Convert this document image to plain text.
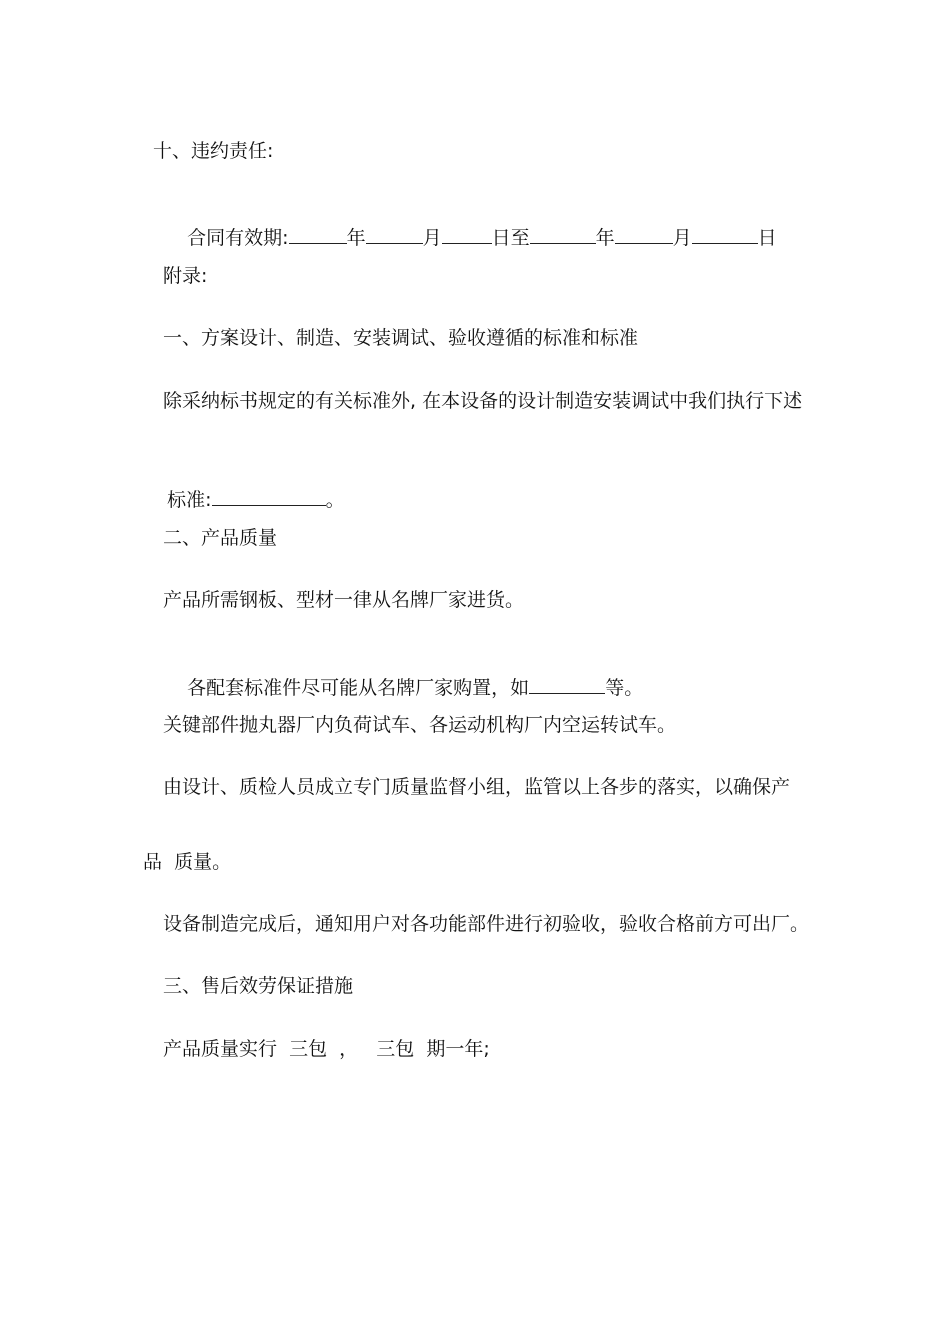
十、违约责任:

合同有效期:	年	月	日至	年	月	日

附录:
一、方案设计、制造、安装调试、验收遵循的标准和标准
除采纳标书规定的有关标准外, 在本设备的设计制造安装调试中我们执行下述

标准:	。

二、产品质量
产品所需钢板、型材一律从名牌厂家进货。

各配套标准件尽可能从名牌厂家购置，如	等。

关键部件抛丸器厂内负荷试车、各运动机构厂内空运转试车。
由设计、质检人员成立专门质量监督小组，监管以上各步的落实，以确保产
品  质量。
设备制造完成后，通知用户对各功能部件进行初验收，验收合格前方可出厂。
三、售后效劳保证措施
产品质量实行  三包  ，   三包  期一年;
